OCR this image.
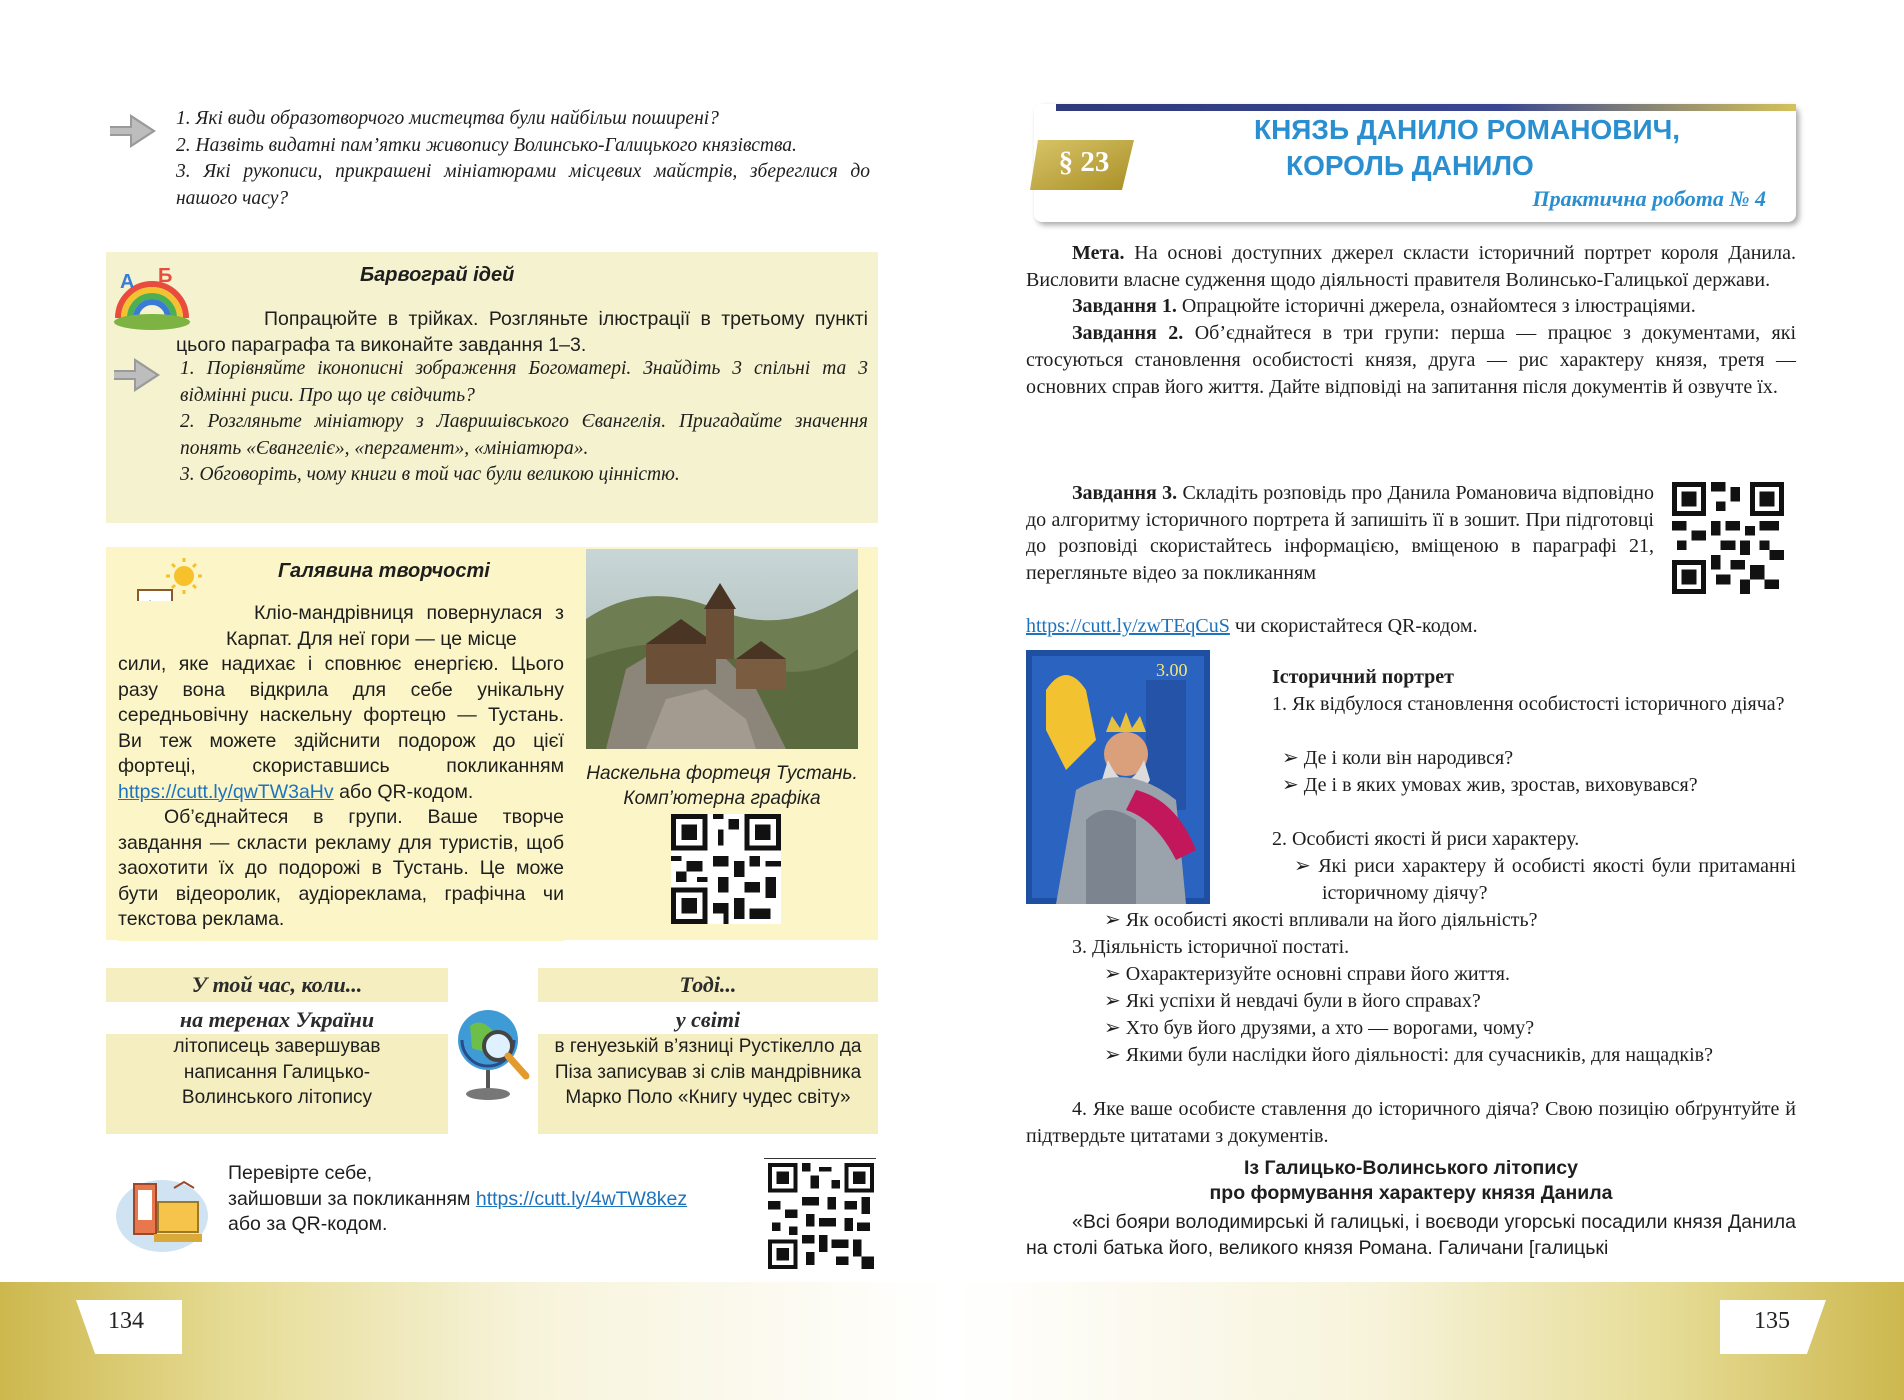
1. Які види образотворчого мистецтва були найбільш поширені?
2. Назвіть видатні пам’ятки живопису Волинсько-Галицького князівства.
3. Які рукописи, прикрашені мініатюрами місцевих майстрів, збереглися до нашого часу?
А Б	Барвограй ідей
Попрацюйте в трійках. Розгляньте ілюстрації в третьому пункті цього параграфа та виконайте завдання 1–3.
1. Порівняйте іконописні зображення Богоматері. Знайдіть 3 спільні та 3 відмінні риси. Про що це свідчить?
2. Розгляньте мініатюру з Лавришівського Євангелія. Пригадайте значення понять «Євангеліє», «пергамент», «мініатюра».
3. Обговоріть, чому книги в той час були великою цінністю.
Галявина творчості
Кліо-мандрівниця повернулася з Карпат. Для неї гори — це місце
сили, яке надихає і сповнює енергією. Цього разу вона відкрила для себе унікальну середньовічну наскельну фортецю — Тустань. Ви теж можете здійснити подорож до цієї фортеці, скориставшись покликанням https://cutt.ly/qwTW3aHv або QR-кодом.
Об’єднайтеся в групи. Ваше творче завдання — скласти рекламу для туристів, щоб заохотити їх до подорожі в Тустань. Це може бути відеоролик, аудіореклама, графічна чи текстова реклама.
Наскельна фортеця Тустань.
Комп’ютерна графіка
У той час, коли...
на теренах України
літописець завершував написання Галицько-Волинського літопису
Тоді...
у світі
в генуезькій в’язниці Рустікелло да Піза записував зі слів мандрівника Марко Поло «Книгу чудес світу»
Перевірте себе,
зайшовши за покликанням https://cutt.ly/4wTW8kez
або за QR-кодом.
134
§ 23
КНЯЗЬ ДАНИЛО РОМАНОВИЧ,
КОРОЛЬ ДАНИЛО
Практична робота № 4

Мета. На основі доступних джерел скласти історичний портрет короля Данила. Висловити власне судження щодо діяльності правителя Волинсько-Галицької держави.

Завдання 1. Опрацюйте історичні джерела, ознайомтеся з ілюстраціями.

Завдання 2. Об’єднайтеся в три групи: перша — працює з документами, які стосуються становлення особистості князя, друга — рис характеру князя, третя — основних справ його життя. Дайте відповіді на запитання після документів й озвучте їх.

Завдання 3. Складіть розповідь про Данила Романовича відповідно до алгоритму історичного портрета й запишіть її в зошит. При підготовці до розповіді скористайтесь інформацією, вміщеною в параграфі 21, перегляньте відео за покликанням

https://cutt.ly/zwTEqCuS чи скористайтеся QR-кодом.
3.00	Історичний портрет
1. Як відбулося становлення особистості історичного діяча?
➢ Де і коли він народився?
➢ Де і в яких умовах жив, зростав, виховувався?
2. Особисті якості й риси характеру.
➢ Які риси характеру й особисті якості були притаманні історичному діячу?
➢ Як особисті якості впливали на його діяльність?
3. Діяльність історичної постаті.
➢ Охарактеризуйте основні справи його життя.
➢ Які успіхи й невдачі були в його справах?
➢ Хто був його друзями, а хто — ворогами, чому?
➢ Якими були наслідки його діяльності: для сучасників, для нащадків?
4. Яке ваше особисте ставлення до історичного діяча? Свою позицію обґрунтуйте й підтвердьте цитатами з документів.
Із Галицько-Волинського літопису
про формування характеру князя Данила
«Всі бояри володимирські й галицькі, і воєводи угорські посадили князя Данила на столі батька його, великого князя Романа. Галичани [галицькі
135
